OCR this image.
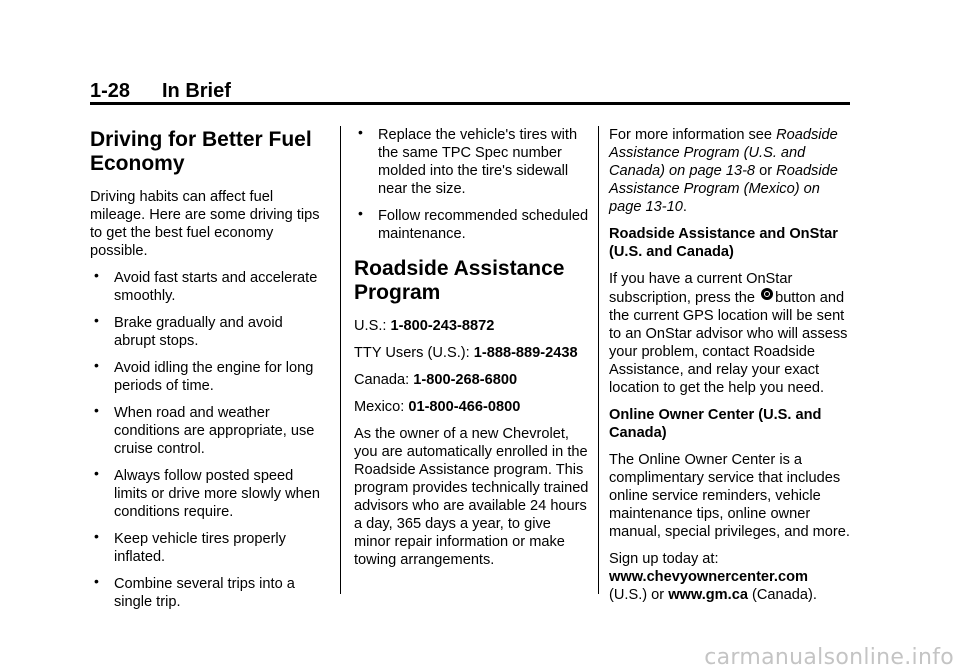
1-28 In Brief
Driving for Better Fuel Economy

Driving habits can affect fuel mileage. Here are some driving tips to get the best fuel economy possible.

• Avoid fast starts and accelerate smoothly.
• Brake gradually and avoid abrupt stops.
• Avoid idling the engine for long periods of time.
• When road and weather conditions are appropriate, use cruise control.
• Always follow posted speed limits or drive more slowly when conditions require.
• Keep vehicle tires properly inflated.
• Combine several trips into a single trip.
• Replace the vehicle's tires with the same TPC Spec number molded into the tire's sidewall near the size.
• Follow recommended scheduled maintenance.
Roadside Assistance Program

U.S.: 1-800-243-8872

TTY Users (U.S.): 1-888-889-2438

Canada: 1-800-268-6800

Mexico: 01-800-466-0800

As the owner of a new Chevrolet, you are automatically enrolled in the Roadside Assistance program. This program provides technically trained advisors who are available 24 hours a day, 365 days a year, to give minor repair information or make towing arrangements.

For more information see Roadside Assistance Program (U.S. and Canada) on page 13-8 or Roadside Assistance Program (Mexico) on page 13-10.

Roadside Assistance and OnStar (U.S. and Canada)

If you have a current OnStar subscription, press the button and the current GPS location will be sent to an OnStar advisor who will assess your problem, contact Roadside Assistance, and relay your exact location to get the help you need.

Online Owner Center (U.S. and Canada)

The Online Owner Center is a complimentary service that includes online service reminders, vehicle maintenance tips, online owner manual, special privileges, and more.

Sign up today at:
www.chevyownercenter.com
(U.S.) or www.gm.ca (Canada).

carmanualsonline.info
